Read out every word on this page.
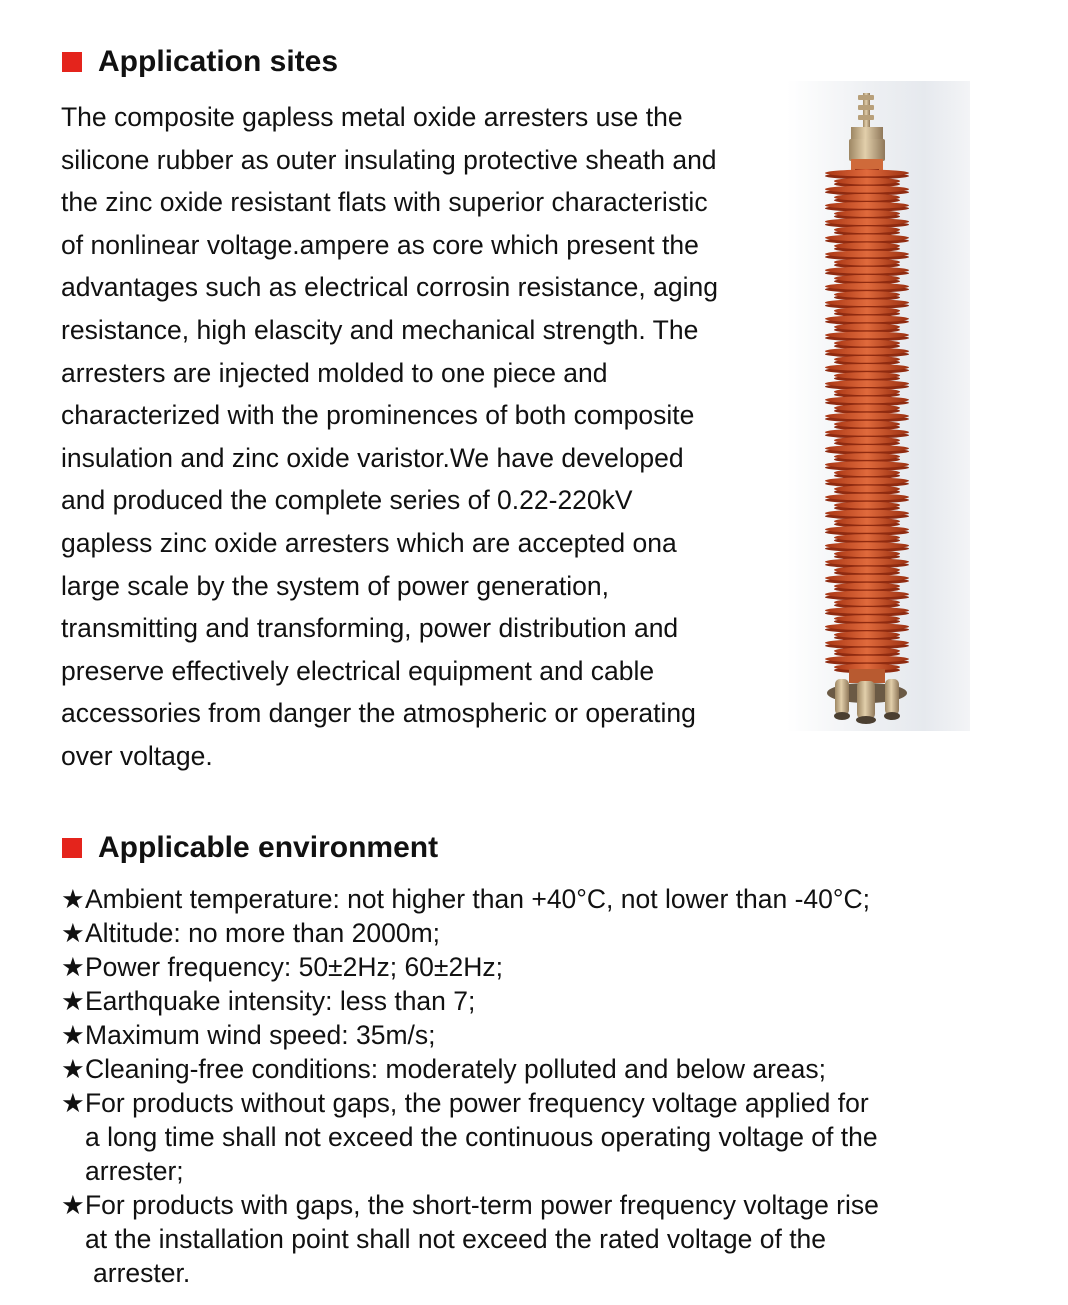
Application sites

The composite gapless metal oxide arresters use the
silicone rubber as outer insulating protective sheath and
the zinc oxide resistant flats with superior characteristic
of nonlinear voltage.ampere as core which present the
advantages such as electrical corrosin resistance, aging
resistance, high elascity and mechanical strength. The
arresters are injected molded to one piece and
characterized with the prominences of both composite
insulation and zinc oxide varistor.We have developed
and produced the complete series of 0.22-220kV
gapless zinc oxide arresters which are accepted ona
large scale by the system of power generation,
transmitting and transforming, power distribution and
preserve effectively electrical equipment and cable
accessories from danger the atmospheric or operating
over voltage.

Applicable environment
★ Ambient temperature: not higher than +40°C, not lower than -40°C;
★ Altitude: no more than 2000m;
★ Power frequency: 50±2Hz; 60±2Hz;
★ Earthquake intensity: less than 7;
★ Maximum wind speed: 35m/s;
★ Cleaning-free conditions: moderately polluted and below areas;
★ For products without gaps, the power frequency voltage applied for
a long time shall not exceed the continuous operating voltage of the
arrester;
★ For products with gaps, the short-term power frequency voltage rise
at the installation point shall not exceed the rated voltage of the
arrester.
